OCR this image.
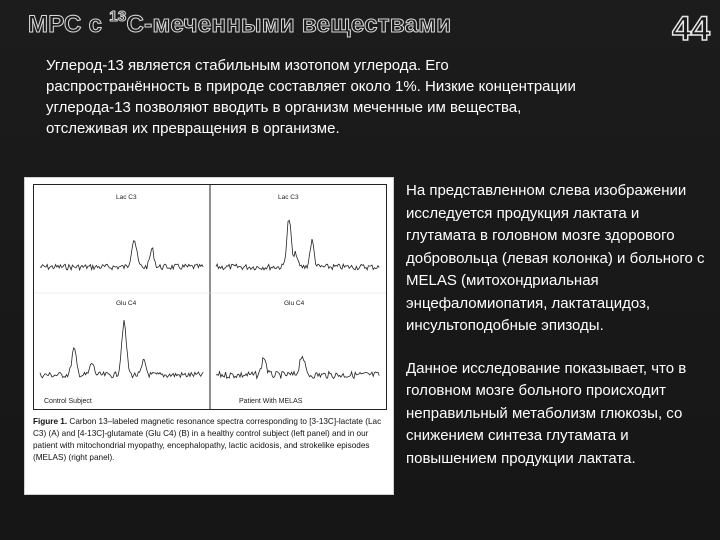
МРС с $^{13}$С-меченными веществами	44
Углерод-13 является стабильным изотопом углерода. Его распространённость в природе составляет около 1%. Низкие концентрации углерода-13 позволяют вводить в организм меченные им вещества, отслеживая их превращения в организме.
Lac C3	Lac C3
Glu C4	Glu C4
Control Subject	Patient With MELAS
Figure 1. Carbon 13–labeled magnetic resonance spectra corresponding to [3-13C]-lactate (Lac C3) (A) and [4-13C]-glutamate (Glu C4) (B) in a healthy control subject (left panel) and in our patient with mitochondrial myopathy, encephalopathy, lactic acidosis, and strokelike episodes (MELAS) (right panel).

На представленном слева изображении исследуется продукция лактата и глутамата в головном мозге здорового добровольца (левая колонка) и больного с MELAS (митохондриальная энцефаломиопатия, лактатацидоз, инсультоподобные эпизоды.

Данное исследование показывает, что в головном мозге больного происходит неправильный метаболизм глюкозы, со снижением синтеза глутамата и повышением продукции лактата.
